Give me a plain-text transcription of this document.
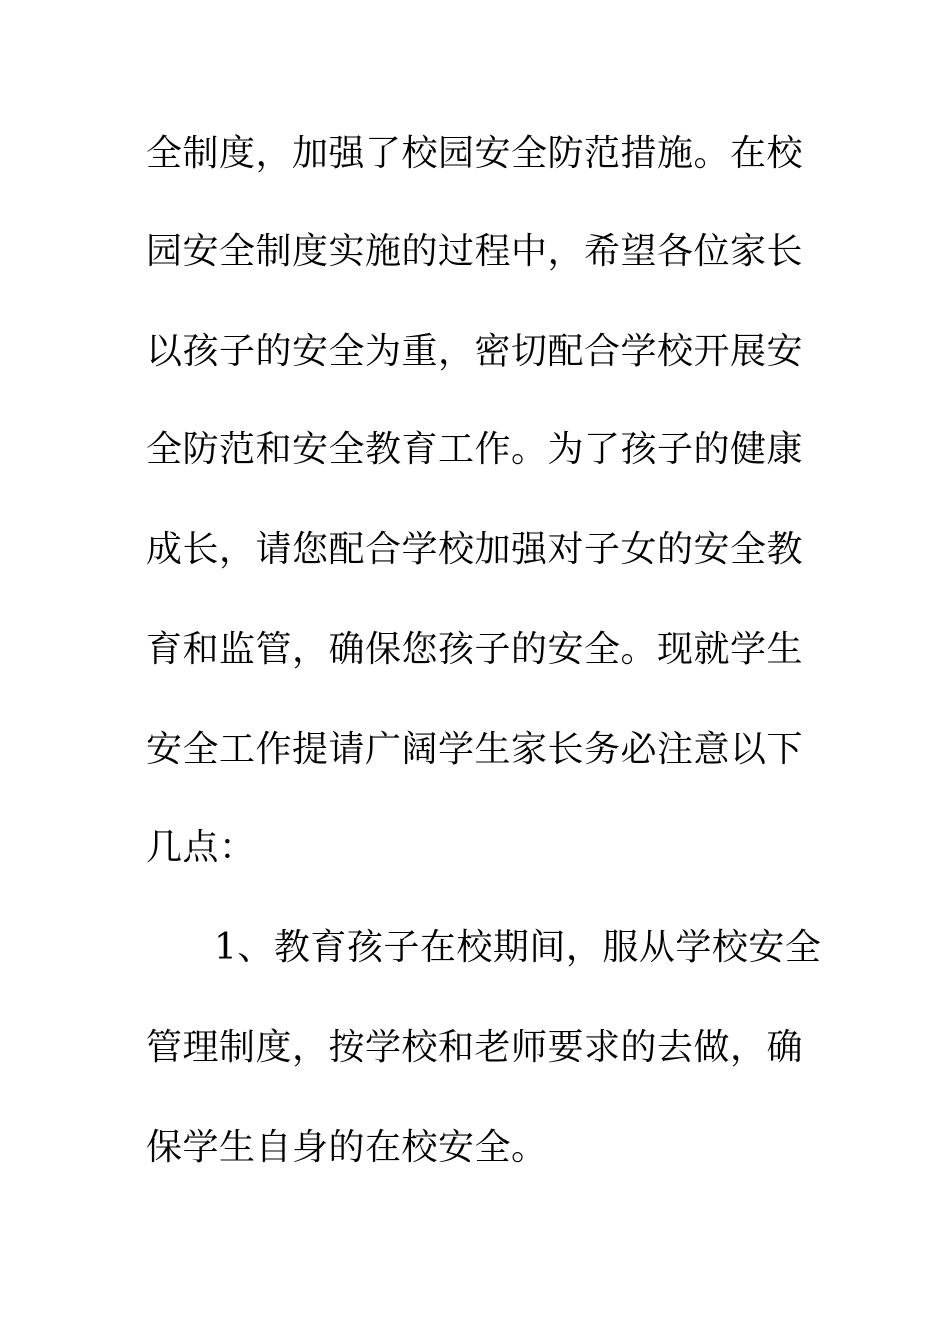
全制度，加强了校园安全防范措施。在校
园安全制度实施的过程中，希望各位家长
以孩子的安全为重，密切配合学校开展安
全防范和安全教育工作。为了孩子的健康
成长，请您配合学校加强对子女的安全教
育和监管，确保您孩子的安全。现就学生
安全工作提请广阔学生家长务必注意以下
几点：
1、教育孩子在校期间，服从学校安全
管理制度，按学校和老师要求的去做，确
保学生自身的在校安全。
